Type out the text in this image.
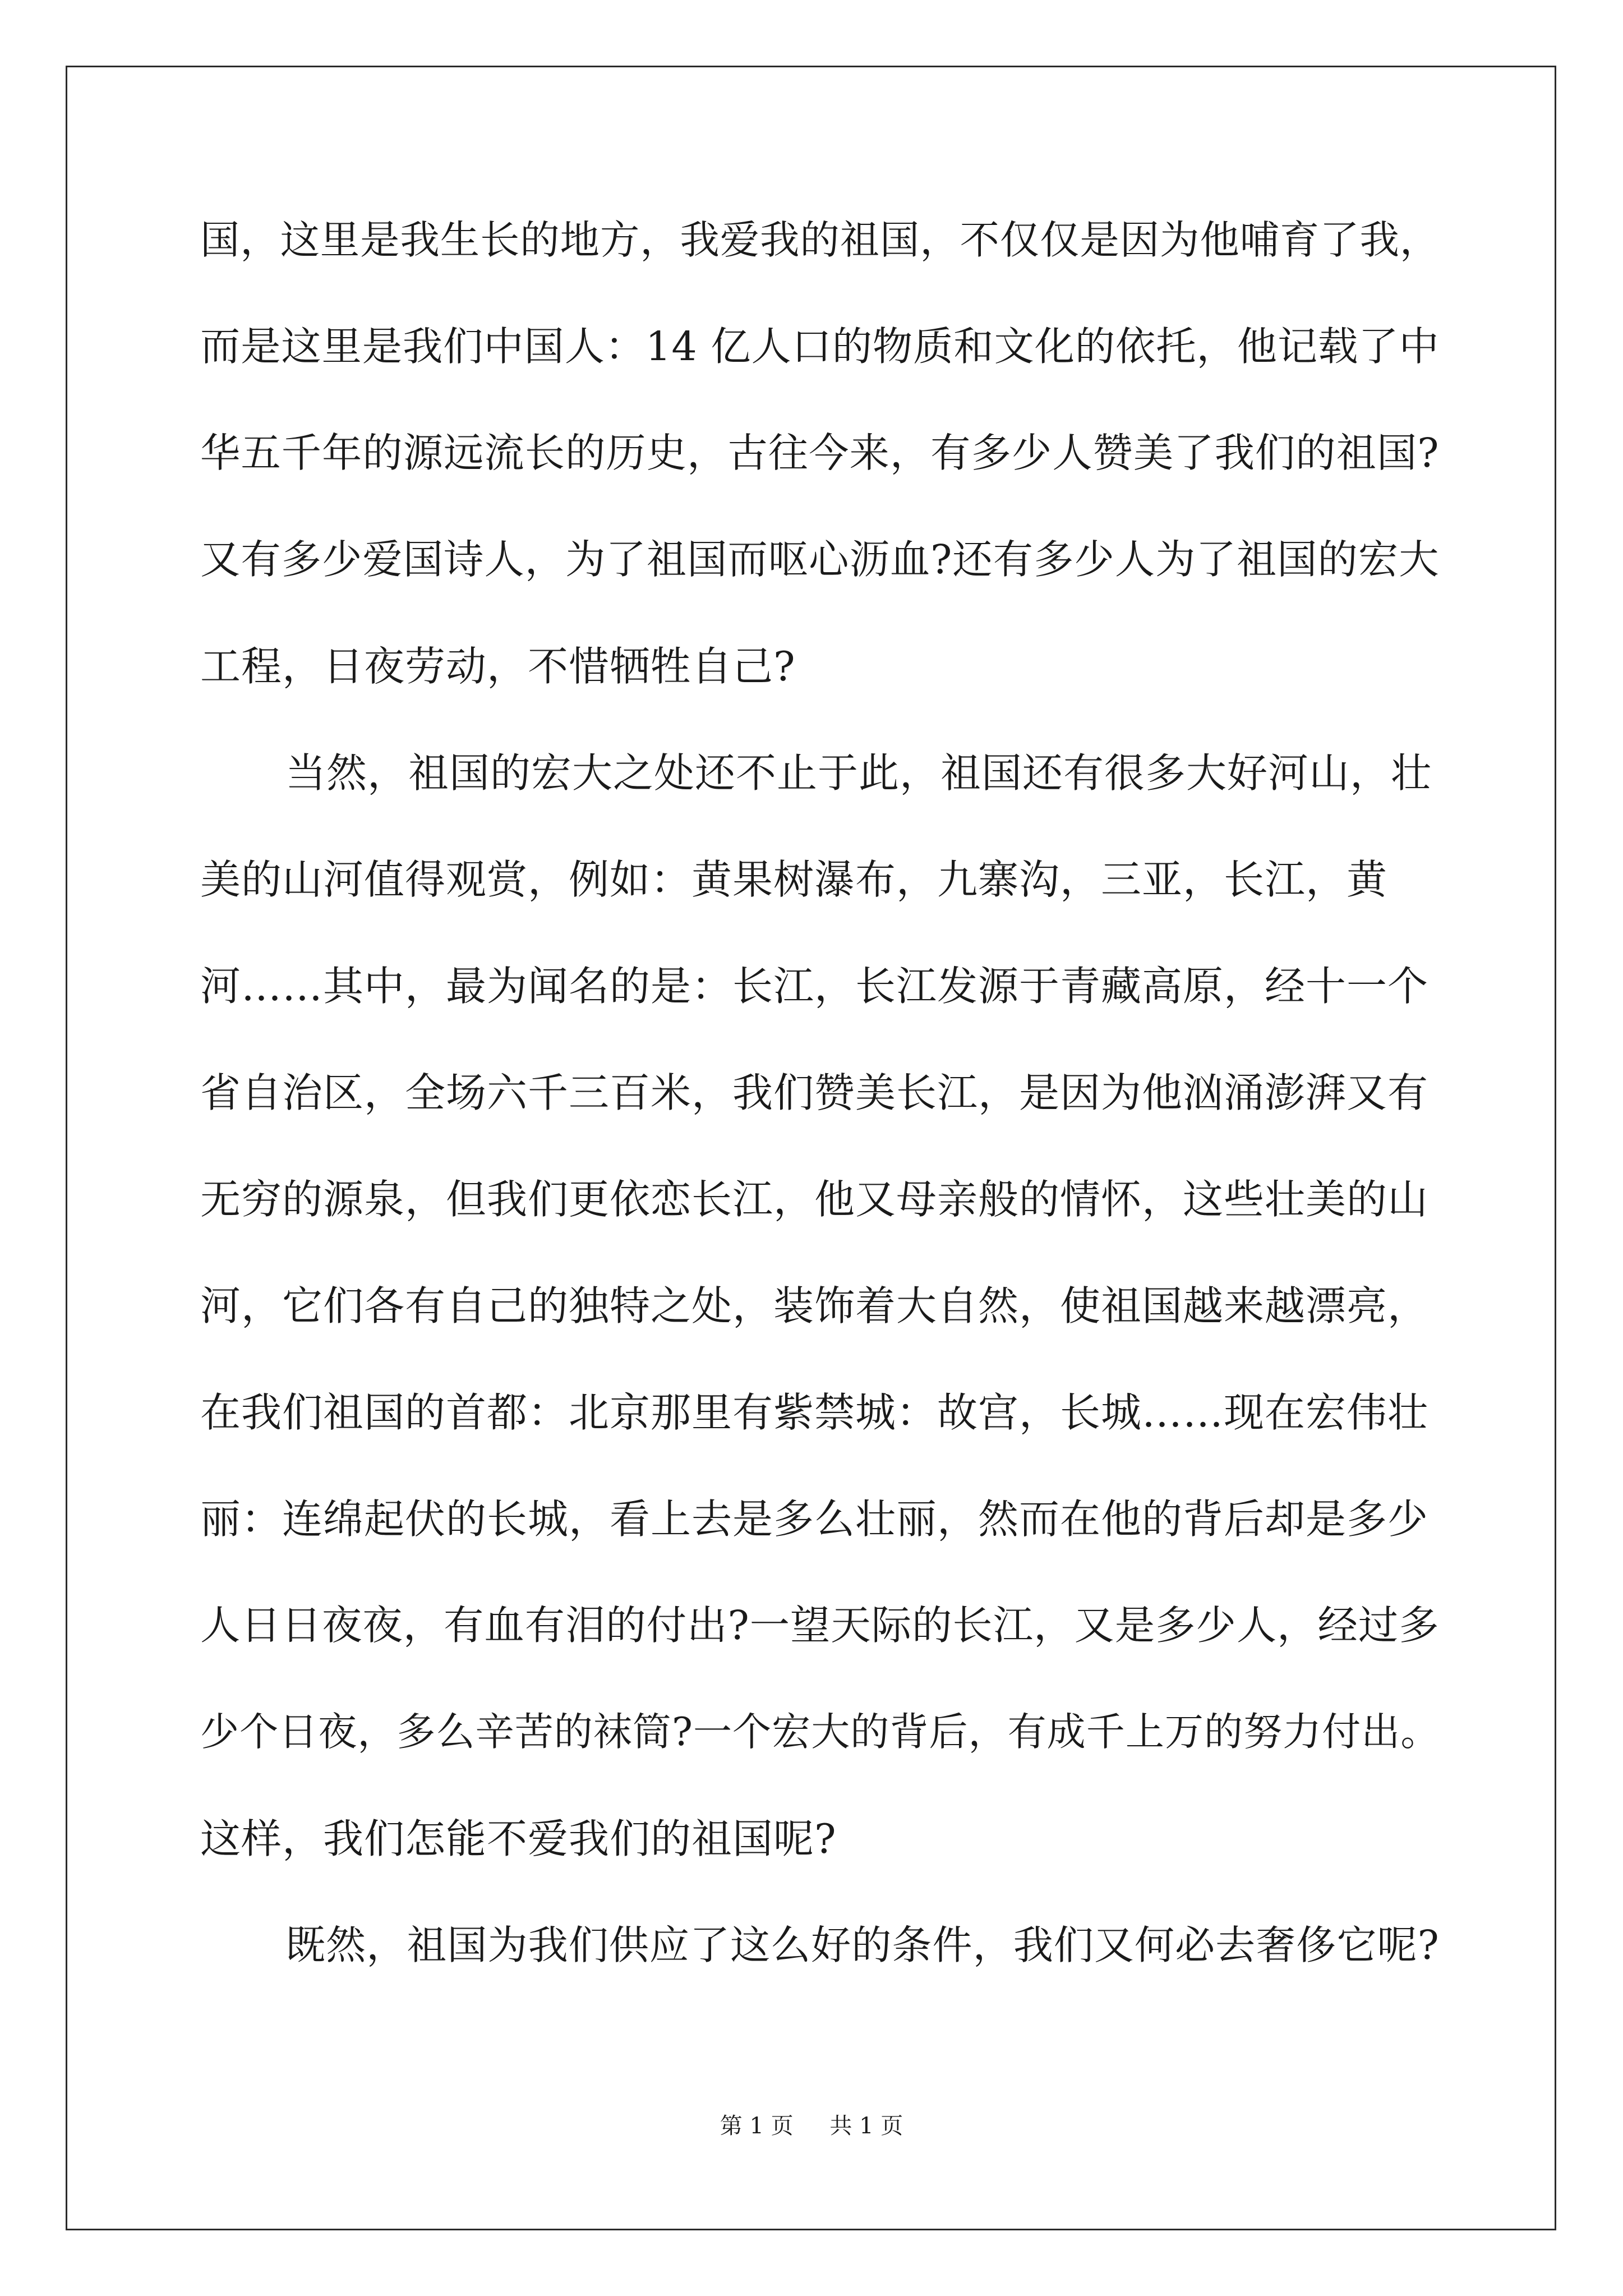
国，这里是我生长的地方，我爱我的祖国，不仅仅是因为他哺育了我，
而是这里是我们中国人：14 亿人口的物质和文化的依托，他记载了中
华五千年的源远流长的历史，古往今来，有多少人赞美了我们的祖国?
又有多少爱国诗人，为了祖国而呕心沥血?还有多少人为了祖国的宏大
工程，日夜劳动，不惜牺牲自己?
当然，祖国的宏大之处还不止于此，祖国还有很多大好河山，壮
美的山河值得观赏，例如：黄果树瀑布，九寨沟，三亚，长江，黄
河……其中，最为闻名的是：长江，长江发源于青藏高原，经十一个
省自治区，全场六千三百米，我们赞美长江，是因为他汹涌澎湃又有
无穷的源泉，但我们更依恋长江，他又母亲般的情怀，这些壮美的山
河，它们各有自己的独特之处，装饰着大自然，使祖国越来越漂亮，
在我们祖国的首都：北京那里有紫禁城：故宫，长城……现在宏伟壮
丽：连绵起伏的长城，看上去是多么壮丽，然而在他的背后却是多少
人日日夜夜，有血有泪的付出?一望天际的长江，又是多少人，经过多
少个日夜，多么辛苦的袜筒?一个宏大的背后，有成千上万的努力付出。
这样，我们怎能不爱我们的祖国呢?
既然，祖国为我们供应了这么好的条件，我们又何必去奢侈它呢?
第 1 页 共 1 页
